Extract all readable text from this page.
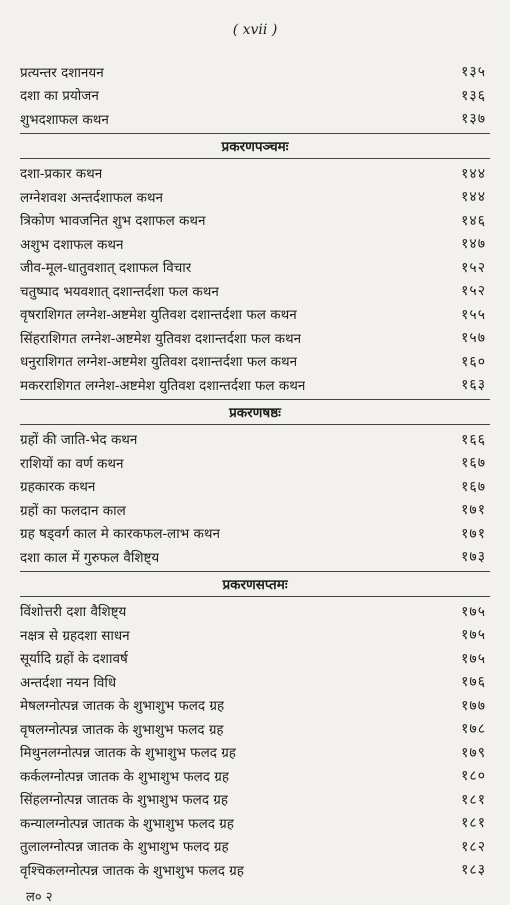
( xvii )
प्रत्यन्तर दशानयन	१३५
दशा का प्रयोजन	१३६
शुभदशाफल कथन	१३७
प्रकरणपञ्चमः
दशा-प्रकार कथन	१४४
लग्नेशवश अन्तर्दशाफल कथन	१४४
त्रिकोण भावजनित शुभ दशाफल कथन	१४६
अशुभ दशाफल कथन	१४७
जीव-मूल-धातुवशात् दशाफल विचार	१५२
चतुष्पाद भयवशात् दशान्तर्दशा फल कथन	१५२
वृषराशिगत लग्नेश-अष्टमेश युतिवश दशान्तर्दशा फल कथन	१५५
सिंहराशिगत लग्नेश-अष्टमेश युतिवश दशान्तर्दशा फल कथन	१५७
धनुराशिगत लग्नेश-अष्टमेश युतिवश दशान्तर्दशा फल कथन	१६०
मकरराशिगत लग्नेश-अष्टमेश युतिवश दशान्तर्दशा फल कथन	१६३
प्रकरणषष्ठः
ग्रहों की जाति-भेद कथन	१६६
राशियों का वर्ण कथन	१६७
ग्रहकारक कथन	१६७
ग्रहों का फलदान काल	१७१
ग्रह षड्वर्ग काल मे कारकफल-लाभ कथन	१७१
दशा काल में गुरुफल वैशिष्ट्य	१७३
प्रकरणसप्तमः
विंशोत्तरी दशा वैशिष्ट्य	१७५
नक्षत्र से ग्रहदशा साधन	१७५
सूर्यादि ग्रहों के दशावर्ष	१७५
अन्तर्दशा नयन विधि	१७६
मेषलग्नोत्पन्न जातक के शुभाशुभ फलद ग्रह	१७७
वृषलग्नोत्पन्न जातक के शुभाशुभ फलद ग्रह	१७८
मिथुनलग्नोत्पन्न जातक के शुभाशुभ फलद ग्रह	१७९
कर्कलग्नोत्पन्न जातक के शुभाशुभ फलद ग्रह	१८०
सिंहलग्नोत्पन्न जातक के शुभाशुभ फलद ग्रह	१८१
कन्यालग्नोत्पन्न जातक के शुभाशुभ फलद ग्रह	१८१
तुलालग्नोत्पन्न जातक के शुभाशुभ फलद ग्रह	१८२
वृश्चिकलग्नोत्पन्न जातक के शुभाशुभ फलद ग्रह	१८३
ल० २
